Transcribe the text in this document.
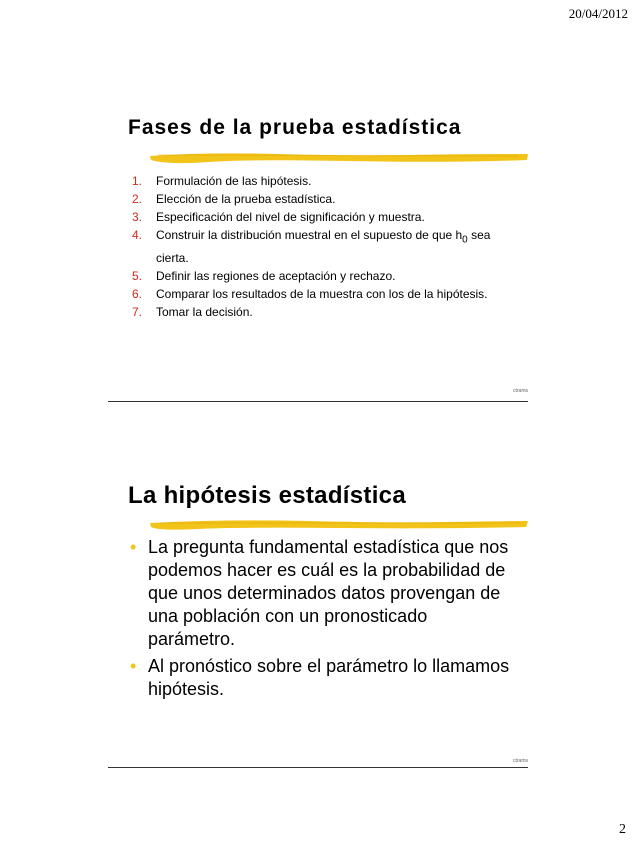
20/04/2012
Fases de la prueba estadística
1. Formulación de las hipótesis.
2. Elección de la prueba estadística.
3. Especificación del nivel de significación y muestra.
4. Construir la distribución muestral en el supuesto de que $h_0$ sea cierta.
5. Definir las regiones de aceptación y rechazo.
6. Comparar los resultados de la muestra con los de la hipótesis.
7. Tomar la decisión.
ctrams
La hipótesis estadística
• La pregunta fundamental estadística que nos podemos hacer es cuál es la probabilidad de que unos determinados datos provengan de una población con un pronosticado parámetro.
• Al pronóstico sobre el parámetro lo llamamos hipótesis.
ctrams
2
